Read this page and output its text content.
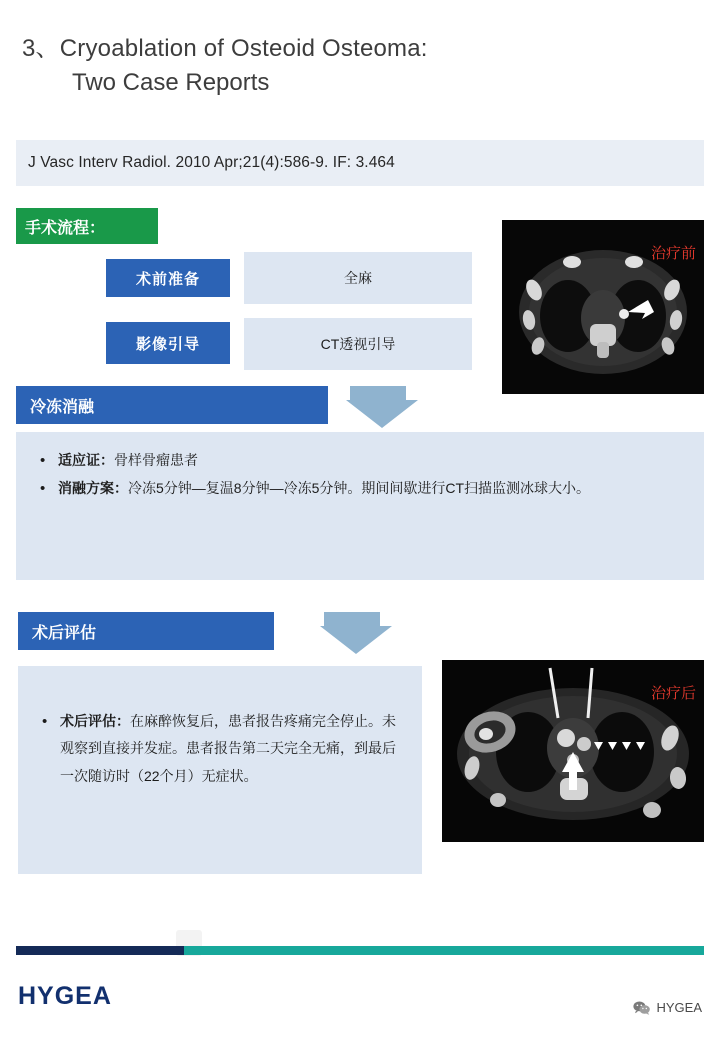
3、Cryoablation of Osteoid Osteoma:
Two Case Reports
J Vasc Interv Radiol. 2010 Apr;21(4):586-9. IF: 3.464
手术流程：
术前准备	全麻
影像引导	CT透视引导
治疗前
冷冻消融
• 适应证：骨样骨瘤患者
• 消融方案：冷冻5分钟—复温8分钟—冷冻5分钟。期间间歇进行CT扫描监测冰球大小。
术后评估
• 术后评估：在麻醉恢复后，患者报告疼痛完全停止。未观察到直接并发症。患者报告第二天完全无痛，到最后一次随访时（22个月）无症状。
治疗后
HYGEA	HYGEA
